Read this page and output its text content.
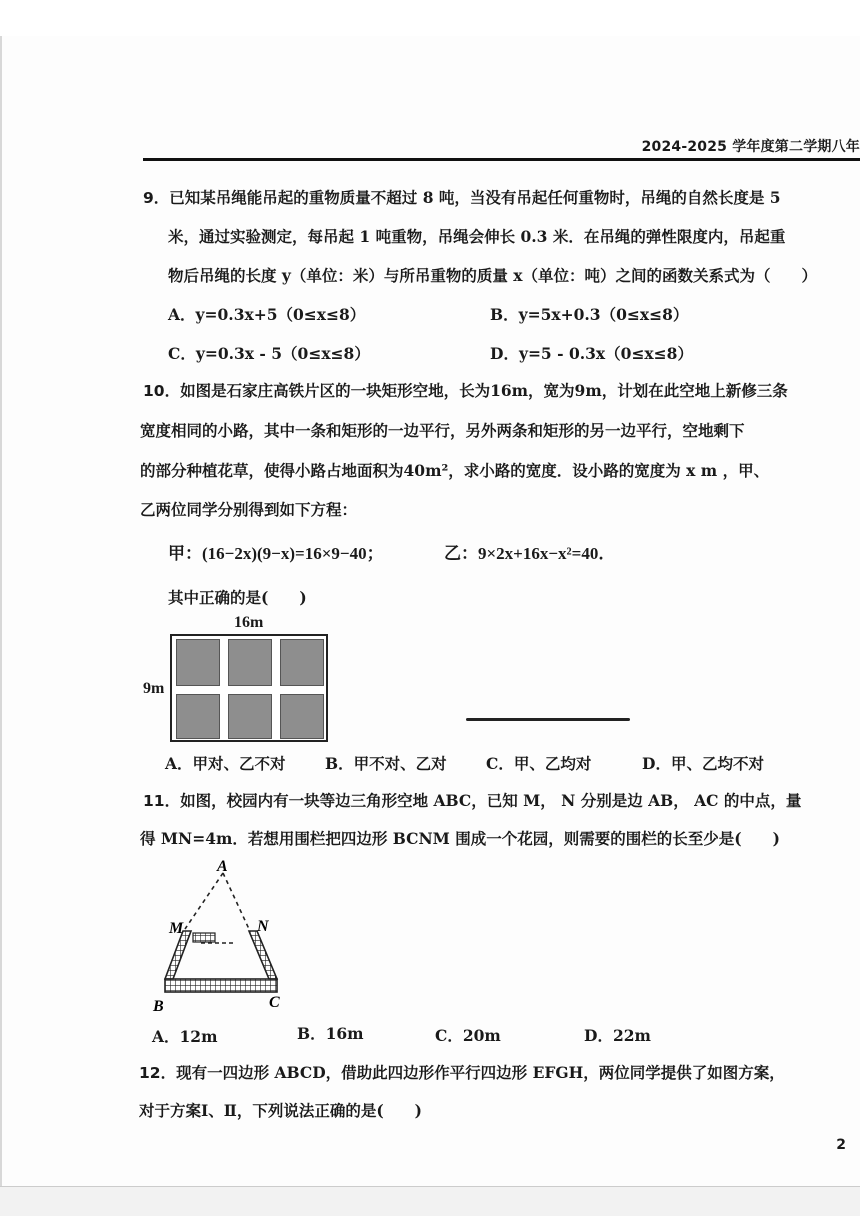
2024-2025 学年度第二学期八年
9．已知某吊绳能吊起的重物质量不超过 8 吨，当没有吊起任何重物时，吊绳的自然长度是 5
米，通过实验测定，每吊起 1 吨重物，吊绳会伸长 0.3 米．在吊绳的弹性限度内，吊起重
物后吊绳的长度 y（单位：米）与所吊重物的质量 x（单位：吨）之间的函数关系式为（　　）
A．y=0.3x+5（0≤x≤8）	B．y=5x+0.3（0≤x≤8）
C．y=0.3x - 5（0≤x≤8）	D．y=5 - 0.3x（0≤x≤8）
10．如图是石家庄高铁片区的一块矩形空地，长为16m，宽为9m，计划在此空地上新修三条
宽度相同的小路，其中一条和矩形的一边平行，另外两条和矩形的另一边平行，空地剩下
的部分种植花草，使得小路占地面积为40m²，求小路的宽度．设小路的宽度为 x m ，甲、
乙两位同学分别得到如下方程：
甲：(16−2x)(9−x)=16×9−40；	乙：9×2x+16x−x²=40．
其中正确的是(　　)
16m
9m
A．甲对、乙不对	B．甲不对、乙对	C．甲、乙均对	D．甲、乙均不对
11．如图，校园内有一块等边三角形空地 ABC，已知 M， N 分别是边 AB， AC 的中点，量
得 MN=4m．若想用围栏把四边形 BCNM 围成一个花园，则需要的围栏的长至少是(　　)
A
M	N
B	C
A．12m	B．16m	C．20m	D．22m
12．现有一四边形 ABCD，借助此四边形作平行四边形 EFGH，两位同学提供了如图方案，
对于方案Ⅰ、Ⅱ，下列说法正确的是(　　)
2
